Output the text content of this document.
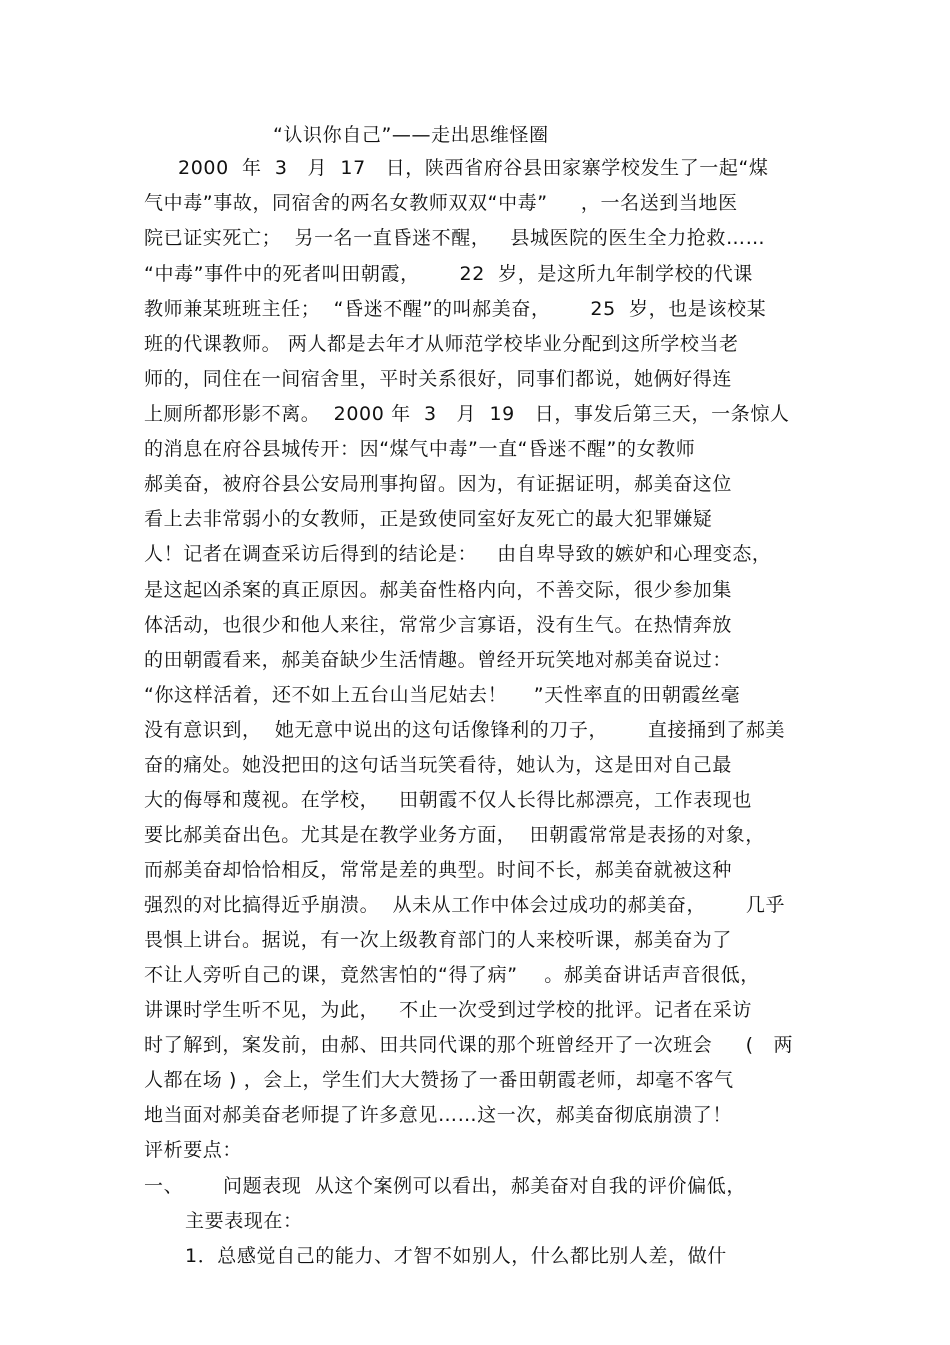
“认识你自己”——走出思维怪圈
2000  年  3   月  17   日，陕西省府谷县田家寨学校发生了一起“煤
气中毒”事故，同宿舍的两名女教师双双“中毒”     ，一名送到当地医
院已证实死亡；  另一名一直昏迷不醒，   县城医院的医生全力抢救……
“中毒”事件中的死者叫田朝霞，      22  岁，是这所九年制学校的代课
教师兼某班班主任；  “昏迷不醒”的叫郝美奋，      25  岁，也是该校某
班的代课教师。 两人都是去年才从师范学校毕业分配到这所学校当老
师的，同住在一间宿舍里，平时关系很好，同事们都说，她俩好得连
上厕所都形影不离。  2000 年  3   月  19   日，事发后第三天，一条惊人
的消息在府谷县城传开：因“煤气中毒”一直“昏迷不醒”的女教师
郝美奋，被府谷县公安局刑事拘留。因为，有证据证明，郝美奋这位
看上去非常弱小的女教师，正是致使同室好友死亡的最大犯罪嫌疑
人！记者在调查采访后得到的结论是：   由自卑导致的嫉妒和心理变态，
是这起凶杀案的真正原因。郝美奋性格内向，不善交际，很少参加集
体活动，也很少和他人来往，常常少言寡语，没有生气。在热情奔放
的田朝霞看来，郝美奋缺少生活情趣。曾经开玩笑地对郝美奋说过：
“你这样活着，还不如上五台山当尼姑去！    ”天性率直的田朝霞丝毫
没有意识到，  她无意中说出的这句话像锋利的刀子，      直接捅到了郝美
奋的痛处。她没把田的这句话当玩笑看待，她认为，这是田对自己最
大的侮辱和蔑视。在学校，   田朝霞不仅人长得比郝漂亮，工作表现也
要比郝美奋出色。尤其是在教学业务方面，  田朝霞常常是表扬的对象，
而郝美奋却恰恰相反，常常是差的典型。时间不长，郝美奋就被这种
强烈的对比搞得近乎崩溃。  从未从工作中体会过成功的郝美奋，      几乎
畏惧上讲台。据说，有一次上级教育部门的人来校听课，郝美奋为了
不让人旁听自己的课，竟然害怕的“得了病”    。郝美奋讲话声音很低，
讲课时学生听不见，为此，   不止一次受到过学校的批评。记者在采访
时了解到，案发前，由郝、田共同代课的那个班曾经开了一次班会     (   两
人都在场 ) ，会上，学生们大大赞扬了一番田朝霞老师，却毫不客气
地当面对郝美奋老师提了许多意见……这一次，郝美奋彻底崩溃了！
评析要点：
一、      问题表现  从这个案例可以看出，郝美奋对自我的评价偏低，
主要表现在：
1．总感觉自己的能力、才智不如别人，什么都比别人差，做什
